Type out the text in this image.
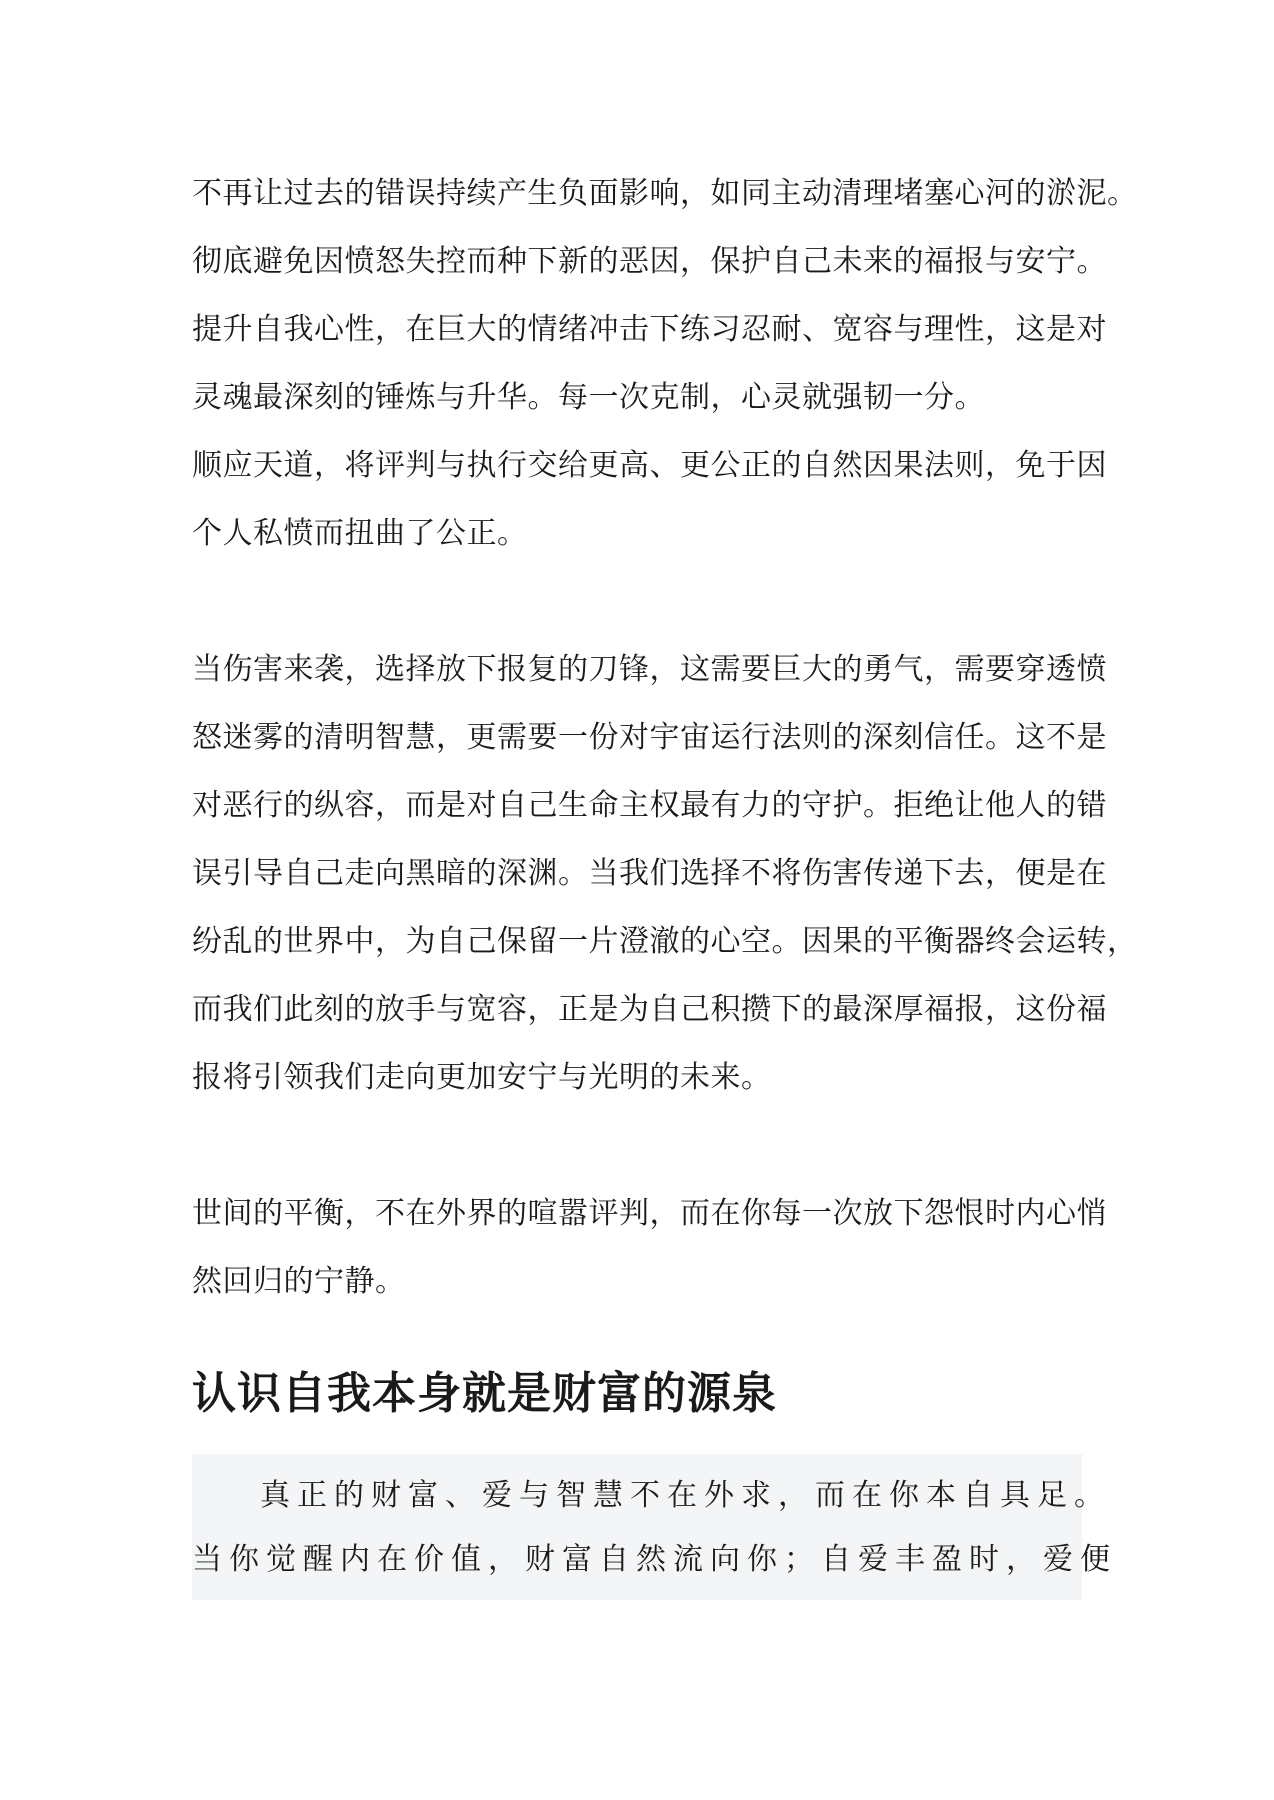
不再让过去的错误持续产生负面影响，如同主动清理堵塞心河的淤泥。
彻底避免因愤怒失控而种下新的恶因，保护自己未来的福报与安宁。
提升自我心性，在巨大的情绪冲击下练习忍耐、宽容与理性，这是对
灵魂最深刻的锤炼与升华。每一次克制，心灵就强韧一分。
顺应天道，将评判与执行交给更高、更公正的自然因果法则，免于因
个人私愤而扭曲了公正。
当伤害来袭，选择放下报复的刀锋，这需要巨大的勇气，需要穿透愤
怒迷雾的清明智慧，更需要一份对宇宙运行法则的深刻信任。这不是
对恶行的纵容，而是对自己生命主权最有力的守护。拒绝让他人的错
误引导自己走向黑暗的深渊。当我们选择不将伤害传递下去，便是在
纷乱的世界中，为自己保留一片澄澈的心空。因果的平衡器终会运转，
而我们此刻的放手与宽容，正是为自己积攒下的最深厚福报，这份福
报将引领我们走向更加安宁与光明的未来。
世间的平衡，不在外界的喧嚣评判，而在你每一次放下怨恨时内心悄
然回归的宁静。
认识自我本身就是财富的源泉
真正的财富、爱与智慧不在外求，而在你本自具足。
当你觉醒内在价值，财富自然流向你；自爱丰盈时，爱便
